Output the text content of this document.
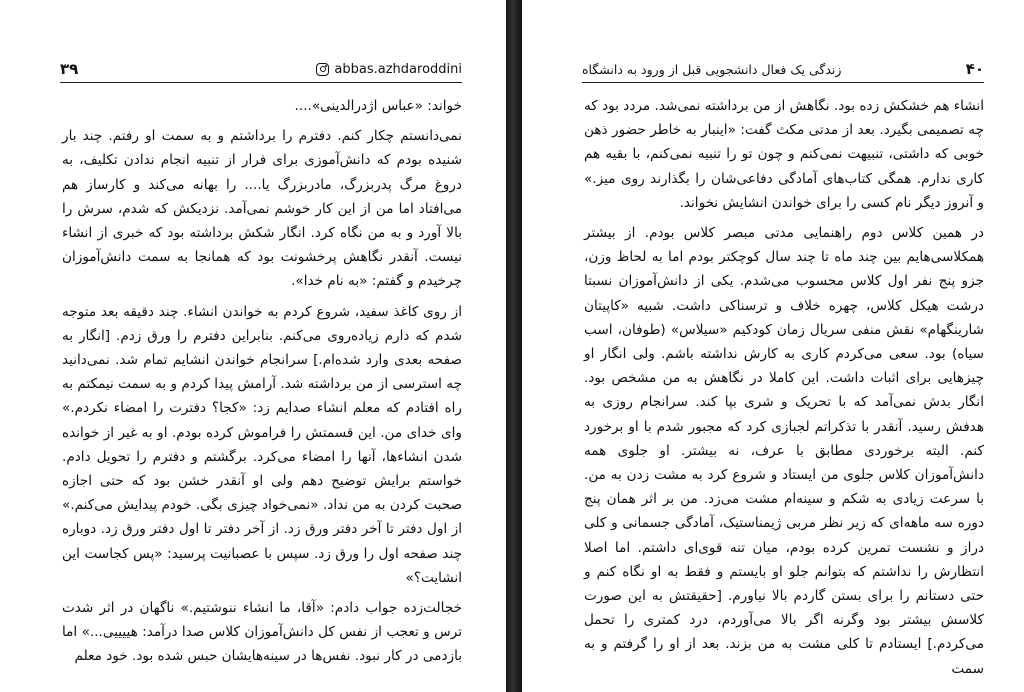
۳۹	abbas.azhdaroddini

خواند: «عباس اژدرالدینی»....

نمی‌دانستم چکار کنم. دفترم را برداشتم و به سمت او رفتم. چند بار شنیده بودم که دانش‌آموزی برای فرار از تنبیه انجام ندادن تکلیف، به دروغ مرگ پدربزرگ، مادربزرگ یا.... را بهانه می‌کند و کارساز هم می‌افتاد اما من از این کار خوشم نمی‌آمد. نزدیکش که شدم، سرش را بالا آورد و به من نگاه کرد. انگار شکش برداشته بود که خبری از انشاء نیست. آنقدر نگاهش پرخشونت بود که همانجا به سمت دانش‌آموزان چرخیدم و گفتم: «به نام خدا».

از روی کاغذ سفید، شروع کردم به خواندن انشاء. چند دقیقه بعد متوجه شدم که دارم زیاده‌روی می‌کنم. بنابراین دفترم را ورق زدم. [انگار به صفحه بعدی وارد شده‌ام.] سرانجام خواندن انشایم تمام شد. نمی‌دانید چه استرسی از من برداشته شد. آرامش پیدا کردم و به سمت نیمکتم به راه افتادم که معلم انشاء صدایم زد: «کجا؟ دفترت را امضاء نکردم.» وای خدای من. این قسمتش را فراموش کرده بودم. او به غیر از خوانده شدن انشاءها، آنها را امضاء می‌کرد. برگشتم و دفترم را تحویل دادم. خواستم برایش توضیح دهم ولی او آنقدر خشن بود که حتی اجازه صحبت کردن به من نداد. «نمی‌خواد چیزی بگی. خودم پیدایش می‌کنم.» از اول دفتر تا آخر دفتر ورق زد. از آخر دفتر تا اول دفتر ورق زد. دوباره چند صفحه اول را ورق زد. سپس با عصبانیت پرسید: «پس کجاست این انشایت؟»

خجالت‌زده جواب دادم: «آقا، ما انشاء ننوشتیم.» ناگهان در اثر شدت ترس و تعجب از نفس کل دانش‌آموزان کلاس صدا درآمد: هییییی...» اما بازدمی در کار نبود. نفس‌ها در سینه‌هایشان حبس شده بود. خود معلم

زندگی یک فعال دانشجویی قبل از ورود به دانشگاه	۴۰

انشاء هم خشکش زده بود. نگاهش از من برداشته نمی‌شد. مردد بود که چه تصمیمی بگیرد. بعد از مدتی مکث گفت: «اینبار به خاطر حضور ذهن خوبی که داشتی، تنبیهت نمی‌کنم و چون تو را تنبیه نمی‌کنم، با بقیه هم کاری ندارم. همگی کتاب‌های آمادگی دفاعی‌شان را بگذارند روی میز.» و آنروز دیگر نام کسی را برای خواندن انشایش نخواند.

در همین کلاس دوم راهنمایی مدتی مبصر کلاس بودم. از بیشتر همکلاسی‌هایم بین چند ماه تا چند سال کوچکتر بودم اما به لحاظ وزن، جزو پنج نفر اول کلاس محسوب می‌شدم. یکی از دانش‌آموزان نسبتا درشت هیکل کلاس، چهره خلاف و ترسناکی داشت. شبیه «کاپیتان شارینگهام» نقش منفی سریال زمان کودکیم «سیلاس» (طوفان، اسب سیاه) بود. سعی می‌کردم کاری به کارش نداشته باشم. ولی انگار او چیزهایی برای اثبات داشت. این کاملا در نگاهش به من مشخص بود. انگار بدش نمی‌آمد که با تحریک و شری بپا کند. سرانجام روزی به هدفش رسید. آنقدر با تذکراتم لجبازی کرد که مجبور شدم با او برخورد کنم. البته برخوردی مطابق با عرف، نه بیشتر. او جلوی همه دانش‌آموزان کلاس جلوی من ایستاد و شروع کرد به مشت زدن به من. با سرعت زیادی به شکم و سینه‌ام مشت می‌زد. من بر اثر همان پنج دوره سه ماهه‌ای که زیر نظر مربی ژیمناستیک، آمادگی جسمانی و کلی دراز و نشست تمرین کرده بودم، میان تنه قوی‌ای داشتم. اما اصلا انتظارش را نداشتم که بتوانم جلو او بایستم و فقط به او نگاه کنم و حتی دستانم را برای بستن گاردم بالا نیاورم. [حقیقتش به این صورت کلاسش بیشتر بود وگرنه اگر بالا می‌آوردم، درد کمتری را تحمل می‌کردم.] ایستادم تا کلی مشت به من بزند. بعد از او را گرفتم و به سمت
